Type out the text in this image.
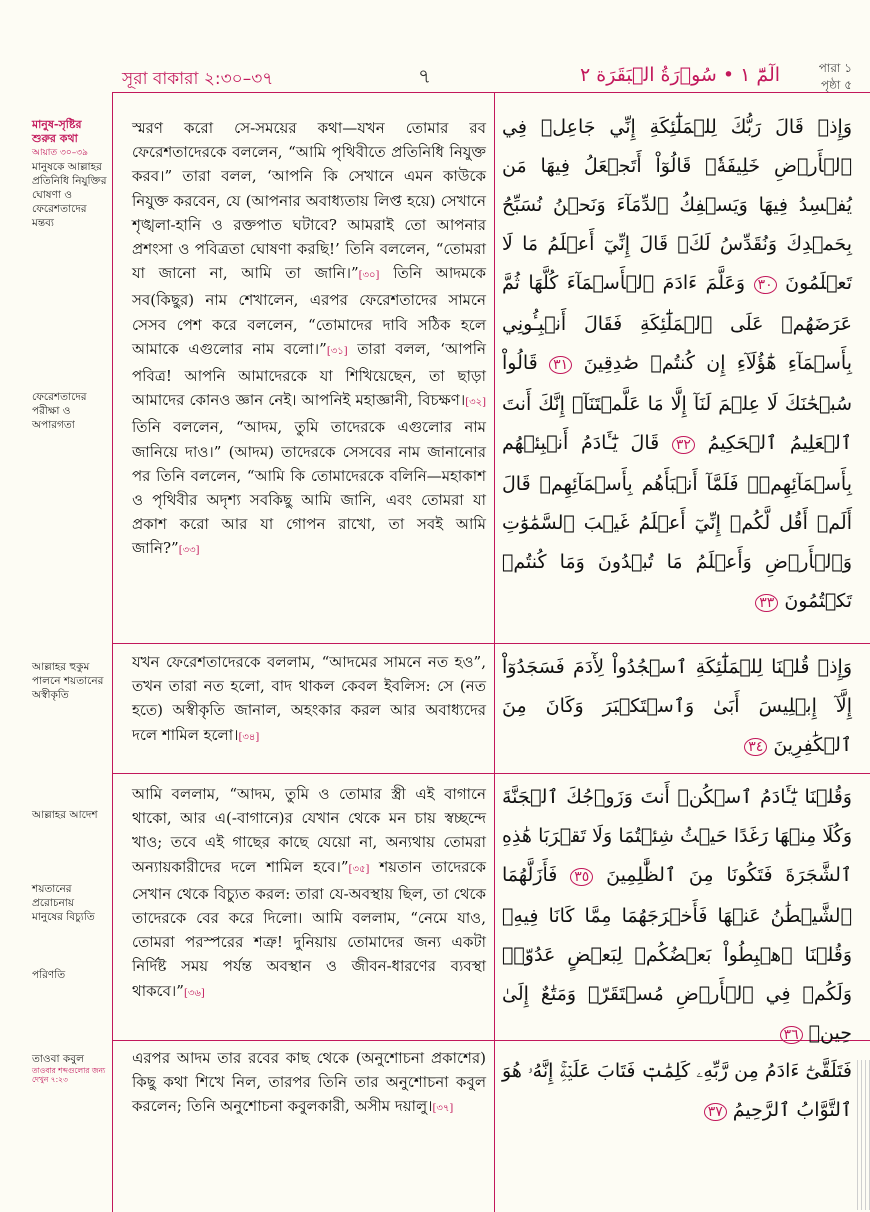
সূরা বাকারা ২:৩০–৩৭	৭	الٓمّٓ ١ • سُوۡرَةُ الۡبَقَرَة ٢	পারা ১
পৃষ্ঠা ৫
মানুষ-সৃষ্টির শুরুর কথা
আয়াত ৩০–৩৯
মানুষকে আল্লাহর প্রতিনিধি নিযুক্তির ঘোষণা ও ফেরেশতাদের মন্তব্য
ফেরেশতাদের পরীক্ষা ও অপারগতা
আল্লাহর হুকুম পালনে শয়তানের অস্বীকৃতি
আল্লাহর আদেশ
শয়তানের প্ররোচনায় মানুষের বিচ্যুতি
পরিণতি
তাওবা কবুল
তাওবার শব্দগুলোর জন্য দেখুন ৭:২৩
স্মরণ করো সে-সময়ের কথা—যখন তোমার রব ফেরেশতাদেরকে বললেন, “আমি পৃথিবীতে প্রতিনিধি নিযুক্ত করব।” তারা বলল, ‘আপনি কি সেখানে এমন কাউকে নিযুক্ত করবেন, যে (আপনার অবাধ্যতায় লিপ্ত হয়ে) সেখানে শৃঙ্খলা-হানি ও রক্তপাত ঘটাবে? আমরাই তো আপনার প্রশংসা ও পবিত্রতা ঘোষণা করছি!’ তিনি বললেন, “তোমরা যা জানো না, আমি তা জানি।”[৩০] তিনি আদমকে সব(কিছুর) নাম শেখালেন, এরপর ফেরেশতাদের সামনে সেসব পেশ করে বললেন, “তোমাদের দাবি সঠিক হলে আমাকে এগুলোর নাম বলো।”[৩১] তারা বলল, ‘আপনি পবিত্র! আপনি আমাদেরকে যা শিখিয়েছেন, তা ছাড়া আমাদের কোনও জ্ঞান নেই। আপনিই মহাজ্ঞানী, বিচক্ষণ।[৩২] তিনি বললেন, “আদম, তুমি তাদেরকে এগুলোর নাম জানিয়ে দাও।” (আদম) তাদেরকে সেসবের নাম জানানোর পর তিনি বললেন, “আমি কি তোমাদেরকে বলিনি—মহাকাশ ও পৃথিবীর অদৃশ্য সবকিছু আমি জানি, এবং তোমরা যা প্রকাশ করো আর যা গোপন রাখো, তা সবই আমি জানি?”[৩৩]
যখন ফেরেশতাদেরকে বললাম, “আদমের সামনে নত হও”, তখন তারা নত হলো, বাদ থাকল কেবল ইবলিস: সে (নত হতে) অস্বীকৃতি জানাল, অহংকার করল আর অবাধ্যদের দলে শামিল হলো।[৩৪]
আমি বললাম, “আদম, তুমি ও তোমার স্ত্রী এই বাগানে থাকো, আর এ(-বাগানে)র যেখান থেকে মন চায় স্বচ্ছন্দে খাও; তবে এই গাছের কাছে যেয়ো না, অন্যথায় তোমরা অন্যায়কারীদের দলে শামিল হবে।”[৩৫] শয়তান তাদেরকে সেখান থেকে বিচ্যুত করল: তারা যে-অবস্থায় ছিল, তা থেকে তাদেরকে বের করে দিলো। আমি বললাম, “নেমে যাও, তোমরা পরস্পরের শত্রু! দুনিয়ায় তোমাদের জন্য একটা নির্দিষ্ট সময় পর্যন্ত অবস্থান ও জীবন-ধারণের ব্যবস্থা থাকবে।”[৩৬]
এরপর আদম তার রবের কাছ থেকে (অনুশোচনা প্রকাশের) কিছু কথা শিখে নিল, তারপর তিনি তার অনুশোচনা কবুল করলেন; তিনি অনুশোচনা কবুলকারী, অসীম দয়ালু।[৩৭]
وَإِذۡ قَالَ رَبُّكَ لِلۡمَلَٰٓئِكَةِ إِنِّي جَاعِلٞ فِي ٱلۡأَرۡضِ خَلِيفَةٗۖ قَالُوٓاْ أَتَجۡعَلُ فِيهَا مَن يُفۡسِدُ فِيهَا وَيَسۡفِكُ ٱلدِّمَآءَ وَنَحۡنُ نُسَبِّحُ بِحَمۡدِكَ وَنُقَدِّسُ لَكَۖ قَالَ إِنِّيٓ أَعۡلَمُ مَا لَا تَعۡلَمُونَ ٣٠ وَعَلَّمَ ءَادَمَ ٱلۡأَسۡمَآءَ كُلَّهَا ثُمَّ عَرَضَهُمۡ عَلَى ٱلۡمَلَٰٓئِكَةِ فَقَالَ أَنۢبِـُٔونِي بِأَسۡمَآءِ هَٰٓؤُلَآءِ إِن كُنتُمۡ صَٰدِقِينَ ٣١ قَالُواْ سُبۡحَٰنَكَ لَا عِلۡمَ لَنَآ إِلَّا مَا عَلَّمۡتَنَآۖ إِنَّكَ أَنتَ ٱلۡعَلِيمُ ٱلۡحَكِيمُ ٣٢ قَالَ يَٰٓـَٔادَمُ أَنۢبِئۡهُم بِأَسۡمَآئِهِمۡۖ فَلَمَّآ أَنۢبَأَهُم بِأَسۡمَآئِهِمۡ قَالَ أَلَمۡ أَقُل لَّكُمۡ إِنِّيٓ أَعۡلَمُ غَيۡبَ ٱلسَّمَٰوَٰتِ وَٱلۡأَرۡضِ وَأَعۡلَمُ مَا تُبۡدُونَ وَمَا كُنتُمۡ تَكۡتُمُونَ ٣٣
وَإِذۡ قُلۡنَا لِلۡمَلَٰٓئِكَةِ ٱسۡجُدُواْ لِأٓدَمَ فَسَجَدُوٓاْ إِلَّآ إِبۡلِيسَ أَبَىٰ وَٱسۡتَكۡبَرَ وَكَانَ مِنَ ٱلۡكَٰفِرِينَ ٣٤
وَقُلۡنَا يَٰٓـَٔادَمُ ٱسۡكُنۡ أَنتَ وَزَوۡجُكَ ٱلۡجَنَّةَ وَكُلَا مِنۡهَا رَغَدًا حَيۡثُ شِئۡتُمَا وَلَا تَقۡرَبَا هَٰذِهِ ٱلشَّجَرَةَ فَتَكُونَا مِنَ ٱلظَّٰلِمِينَ ٣٥ فَأَزَلَّهُمَا ٱلشَّيۡطَٰنُ عَنۡهَا فَأَخۡرَجَهُمَا مِمَّا كَانَا فِيهِۖ وَقُلۡنَا ٱهۡبِطُواْ بَعۡضُكُمۡ لِبَعۡضٍ عَدُوّٞۖ وَلَكُمۡ فِي ٱلۡأَرۡضِ مُسۡتَقَرّٞ وَمَتَٰعٌ إِلَىٰ حِينٖ ٣٦
فَتَلَقَّىٰٓ ءَادَمُ مِن رَّبِّهِۦ كَلِمَٰتٖ فَتَابَ عَلَيۡهِۚ إِنَّهُۥ هُوَ ٱلتَّوَّابُ ٱلرَّحِيمُ ٣٧
